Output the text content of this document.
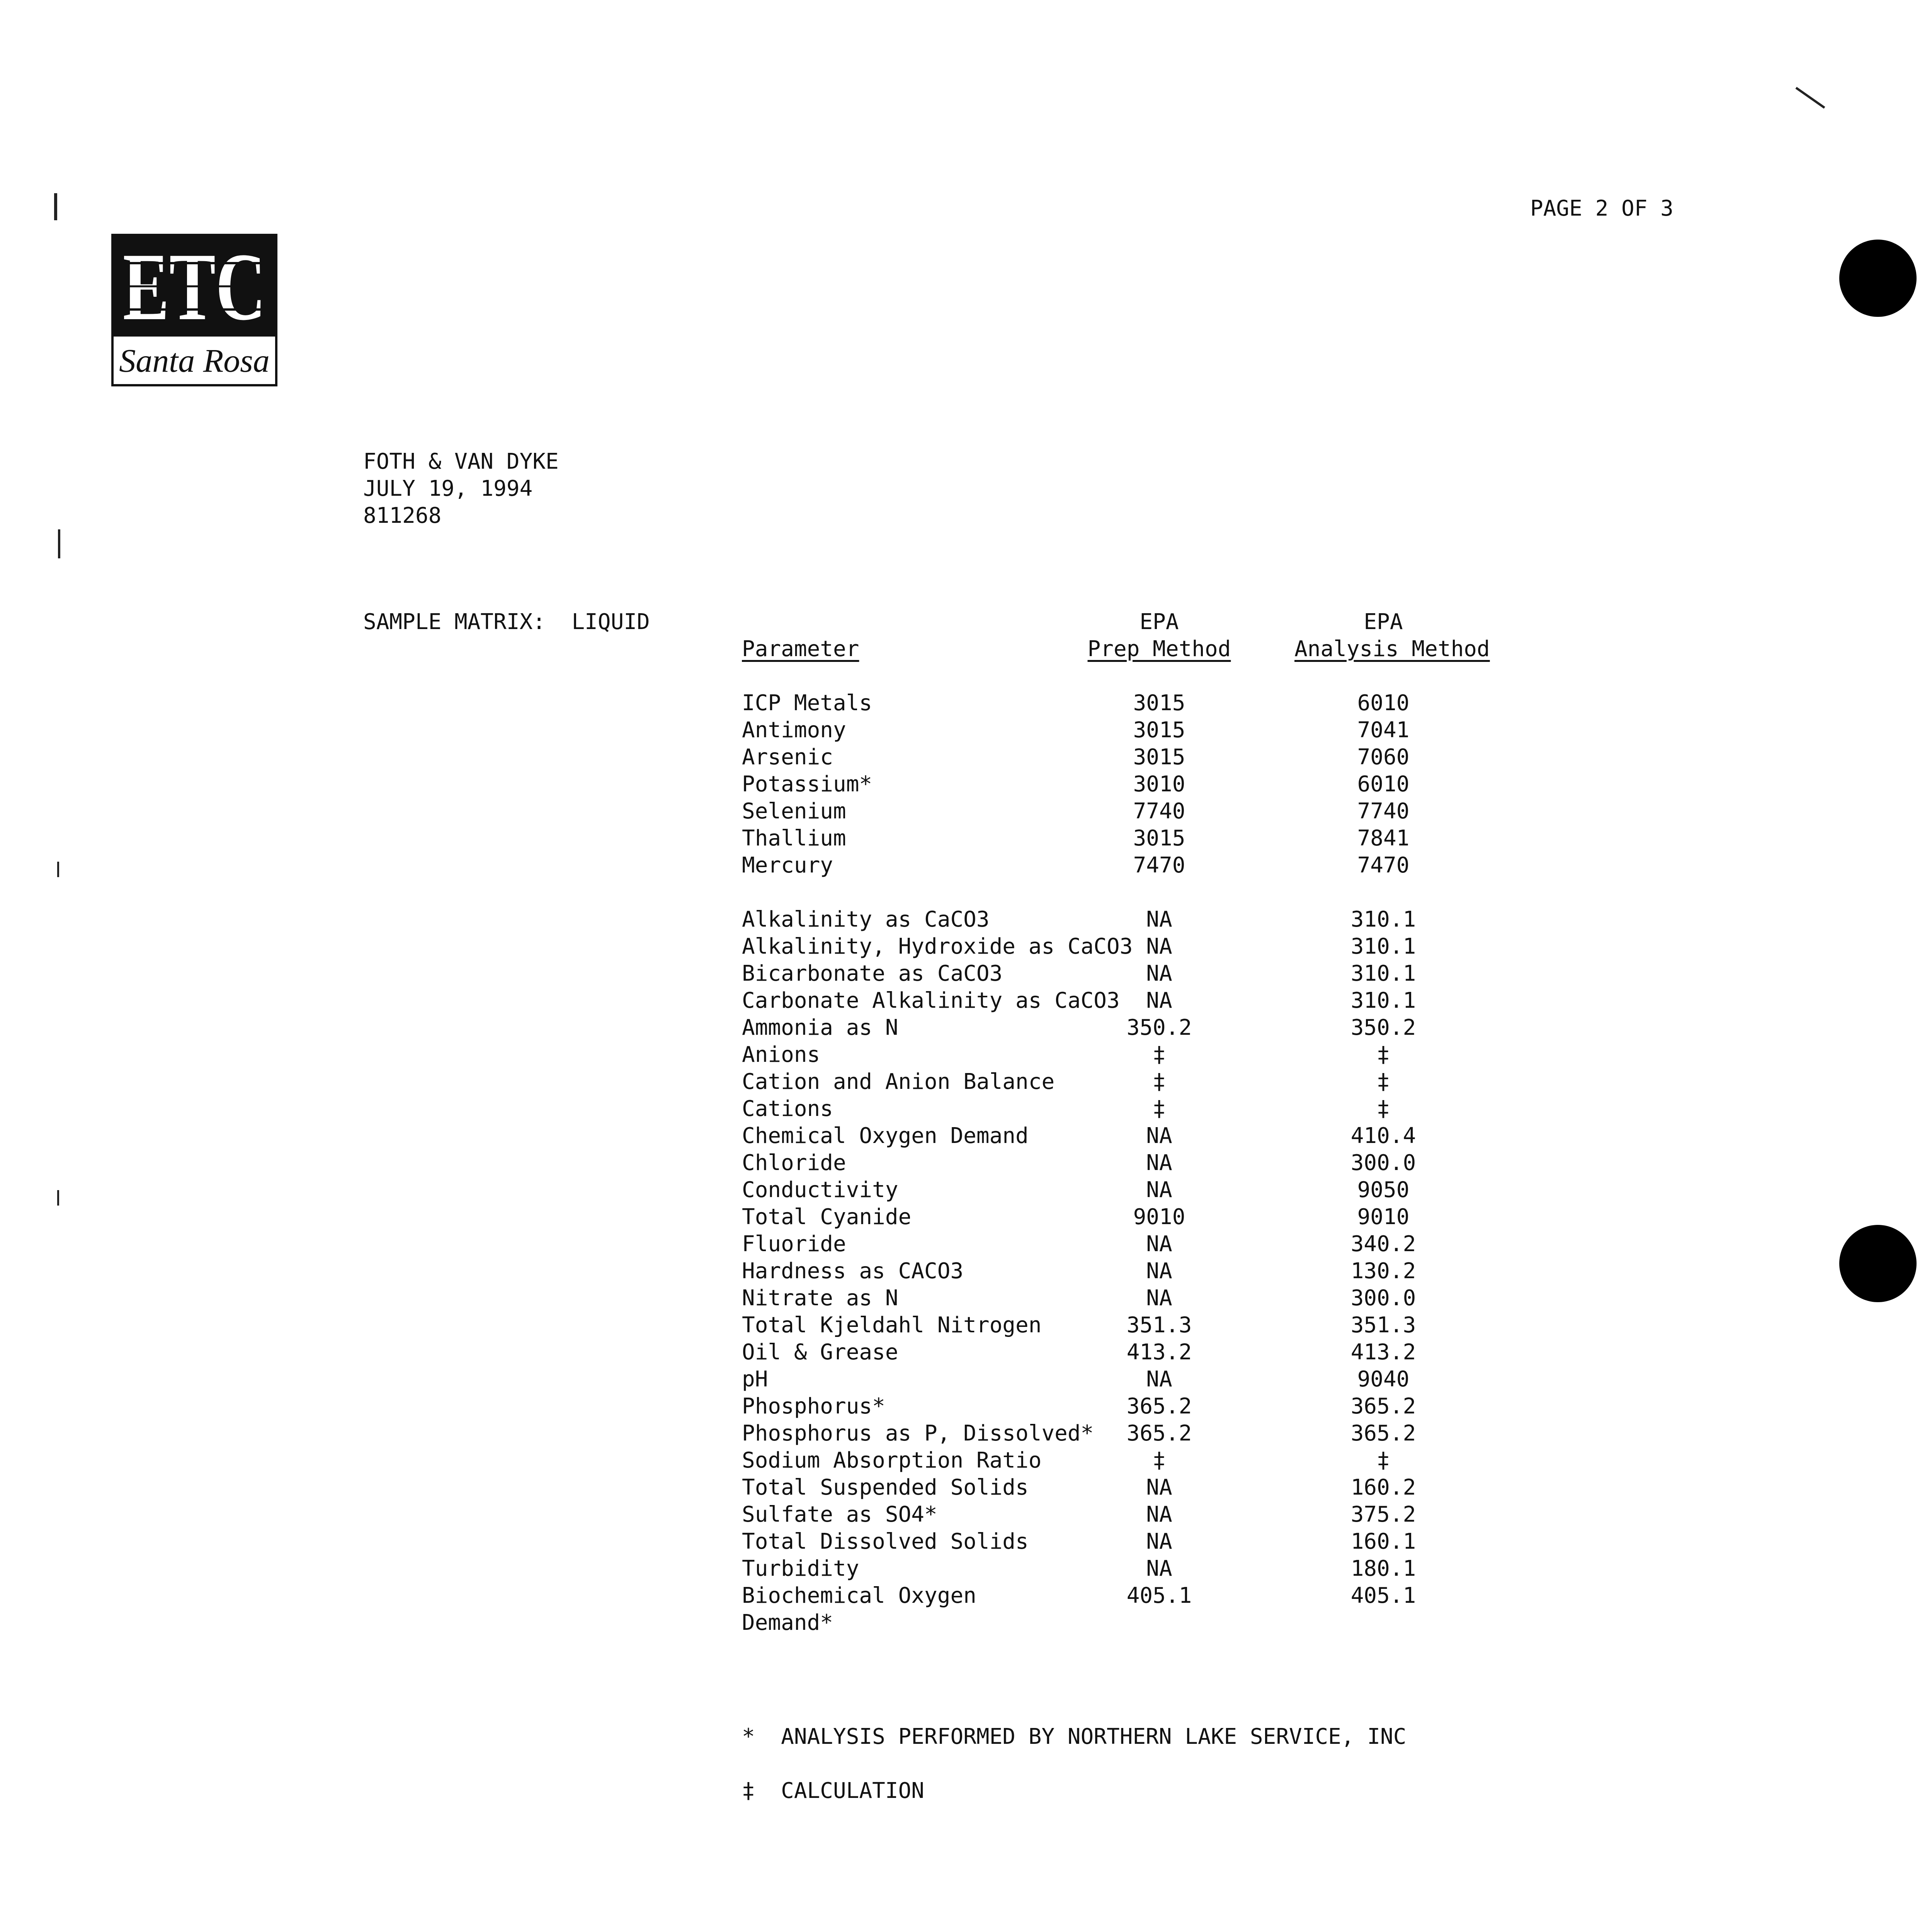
PAGE 2 OF 3
ETC
Santa Rosa
FOTH & VAN DYKE
JULY 19, 1994
811268
SAMPLE MATRIX: LIQUID	EPA	EPA
Parameter	Prep Method	Analysis Method
ICP Metals	3015	6010
Antimony	3015	7041
Arsenic	3015	7060
Potassium*	3010	6010
Selenium	7740	7740
Thallium	3015	7841
Mercury	7470	7470
Alkalinity as CaCO3	NA	310.1
Alkalinity, Hydroxide as CaCO3 NA	310.1
Bicarbonate as CaCO3	NA	310.1
Carbonate Alkalinity as CaCO3	NA	310.1
Ammonia as N	350.2	350.2
Anions	‡	‡
Cation and Anion Balance	‡	‡
Cations	‡	‡
Chemical Oxygen Demand	NA	410.4
Chloride	NA	300.0
Conductivity	NA	9050
Total Cyanide	9010	9010
Fluoride	NA	340.2
Hardness as CACO3	NA	130.2
Nitrate as N	NA	300.0
Total Kjeldahl Nitrogen	351.3	351.3
Oil & Grease	413.2	413.2
pH	NA	9040
Phosphorus*	365.2	365.2
Phosphorus as P, Dissolved*	365.2	365.2
Sodium Absorption Ratio	‡	‡
Total Suspended Solids	NA	160.2
Sulfate as SO4*	NA	375.2
Total Dissolved Solids	NA	160.1
Turbidity	NA	180.1
Biochemical Oxygen	405.1	405.1
Demand*
* ANALYSIS PERFORMED BY NORTHERN LAKE SERVICE, INC
‡ CALCULATION
